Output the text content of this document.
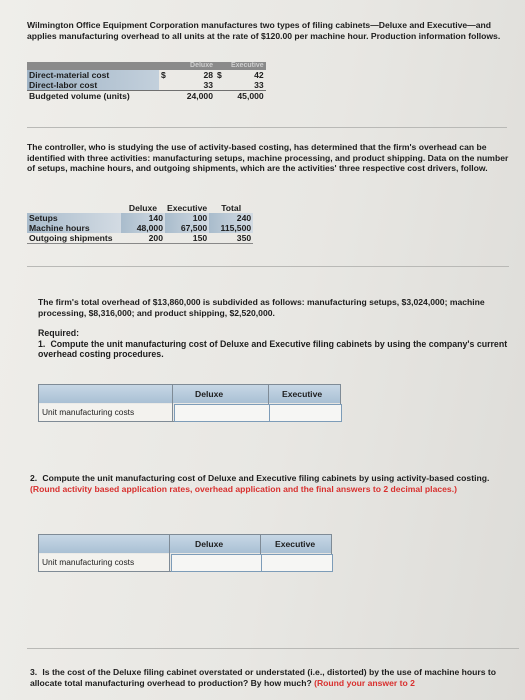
Wilmington Office Equipment Corporation manufactures two types of filing cabinets—Deluxe and Executive—and applies manufacturing overhead to all units at the rate of $120.00 per machine hour. Production information follows.
		Deluxe		Executive
Direct-material cost	$	28	$	42
Direct-labor cost		33		33
Budgeted volume (units)		24,000		45,000
The controller, who is studying the use of activity-based costing, has determined that the firm's overhead can be identified with three activities: manufacturing setups, machine processing, and product shipping. Data on the number of setups, machine hours, and outgoing shipments, which are the activities' three respective cost drivers, follow.
	Deluxe	Executive	Total
Setups	140	100	240
Machine hours	48,000	67,500	115,500
Outgoing shipments	200	150	350
The firm's total overhead of $13,860,000 is subdivided as follows: manufacturing setups, $3,024,000; machine processing, $8,316,000; and product shipping, $2,520,000.
Required:
1. Compute the unit manufacturing cost of Deluxe and Executive filing cabinets by using the company's current overhead costing procedures.
Deluxe	Executive
Unit manufacturing costs
2. Compute the unit manufacturing cost of Deluxe and Executive filing cabinets by using activity-based costing. (Round activity based application rates, overhead application and the final answers to 2 decimal places.)
Deluxe	Executive
Unit manufacturing costs
3. Is the cost of the Deluxe filing cabinet overstated or understated (i.e., distorted) by the use of machine hours to allocate total manufacturing overhead to production? By how much? (Round your answer to 2
